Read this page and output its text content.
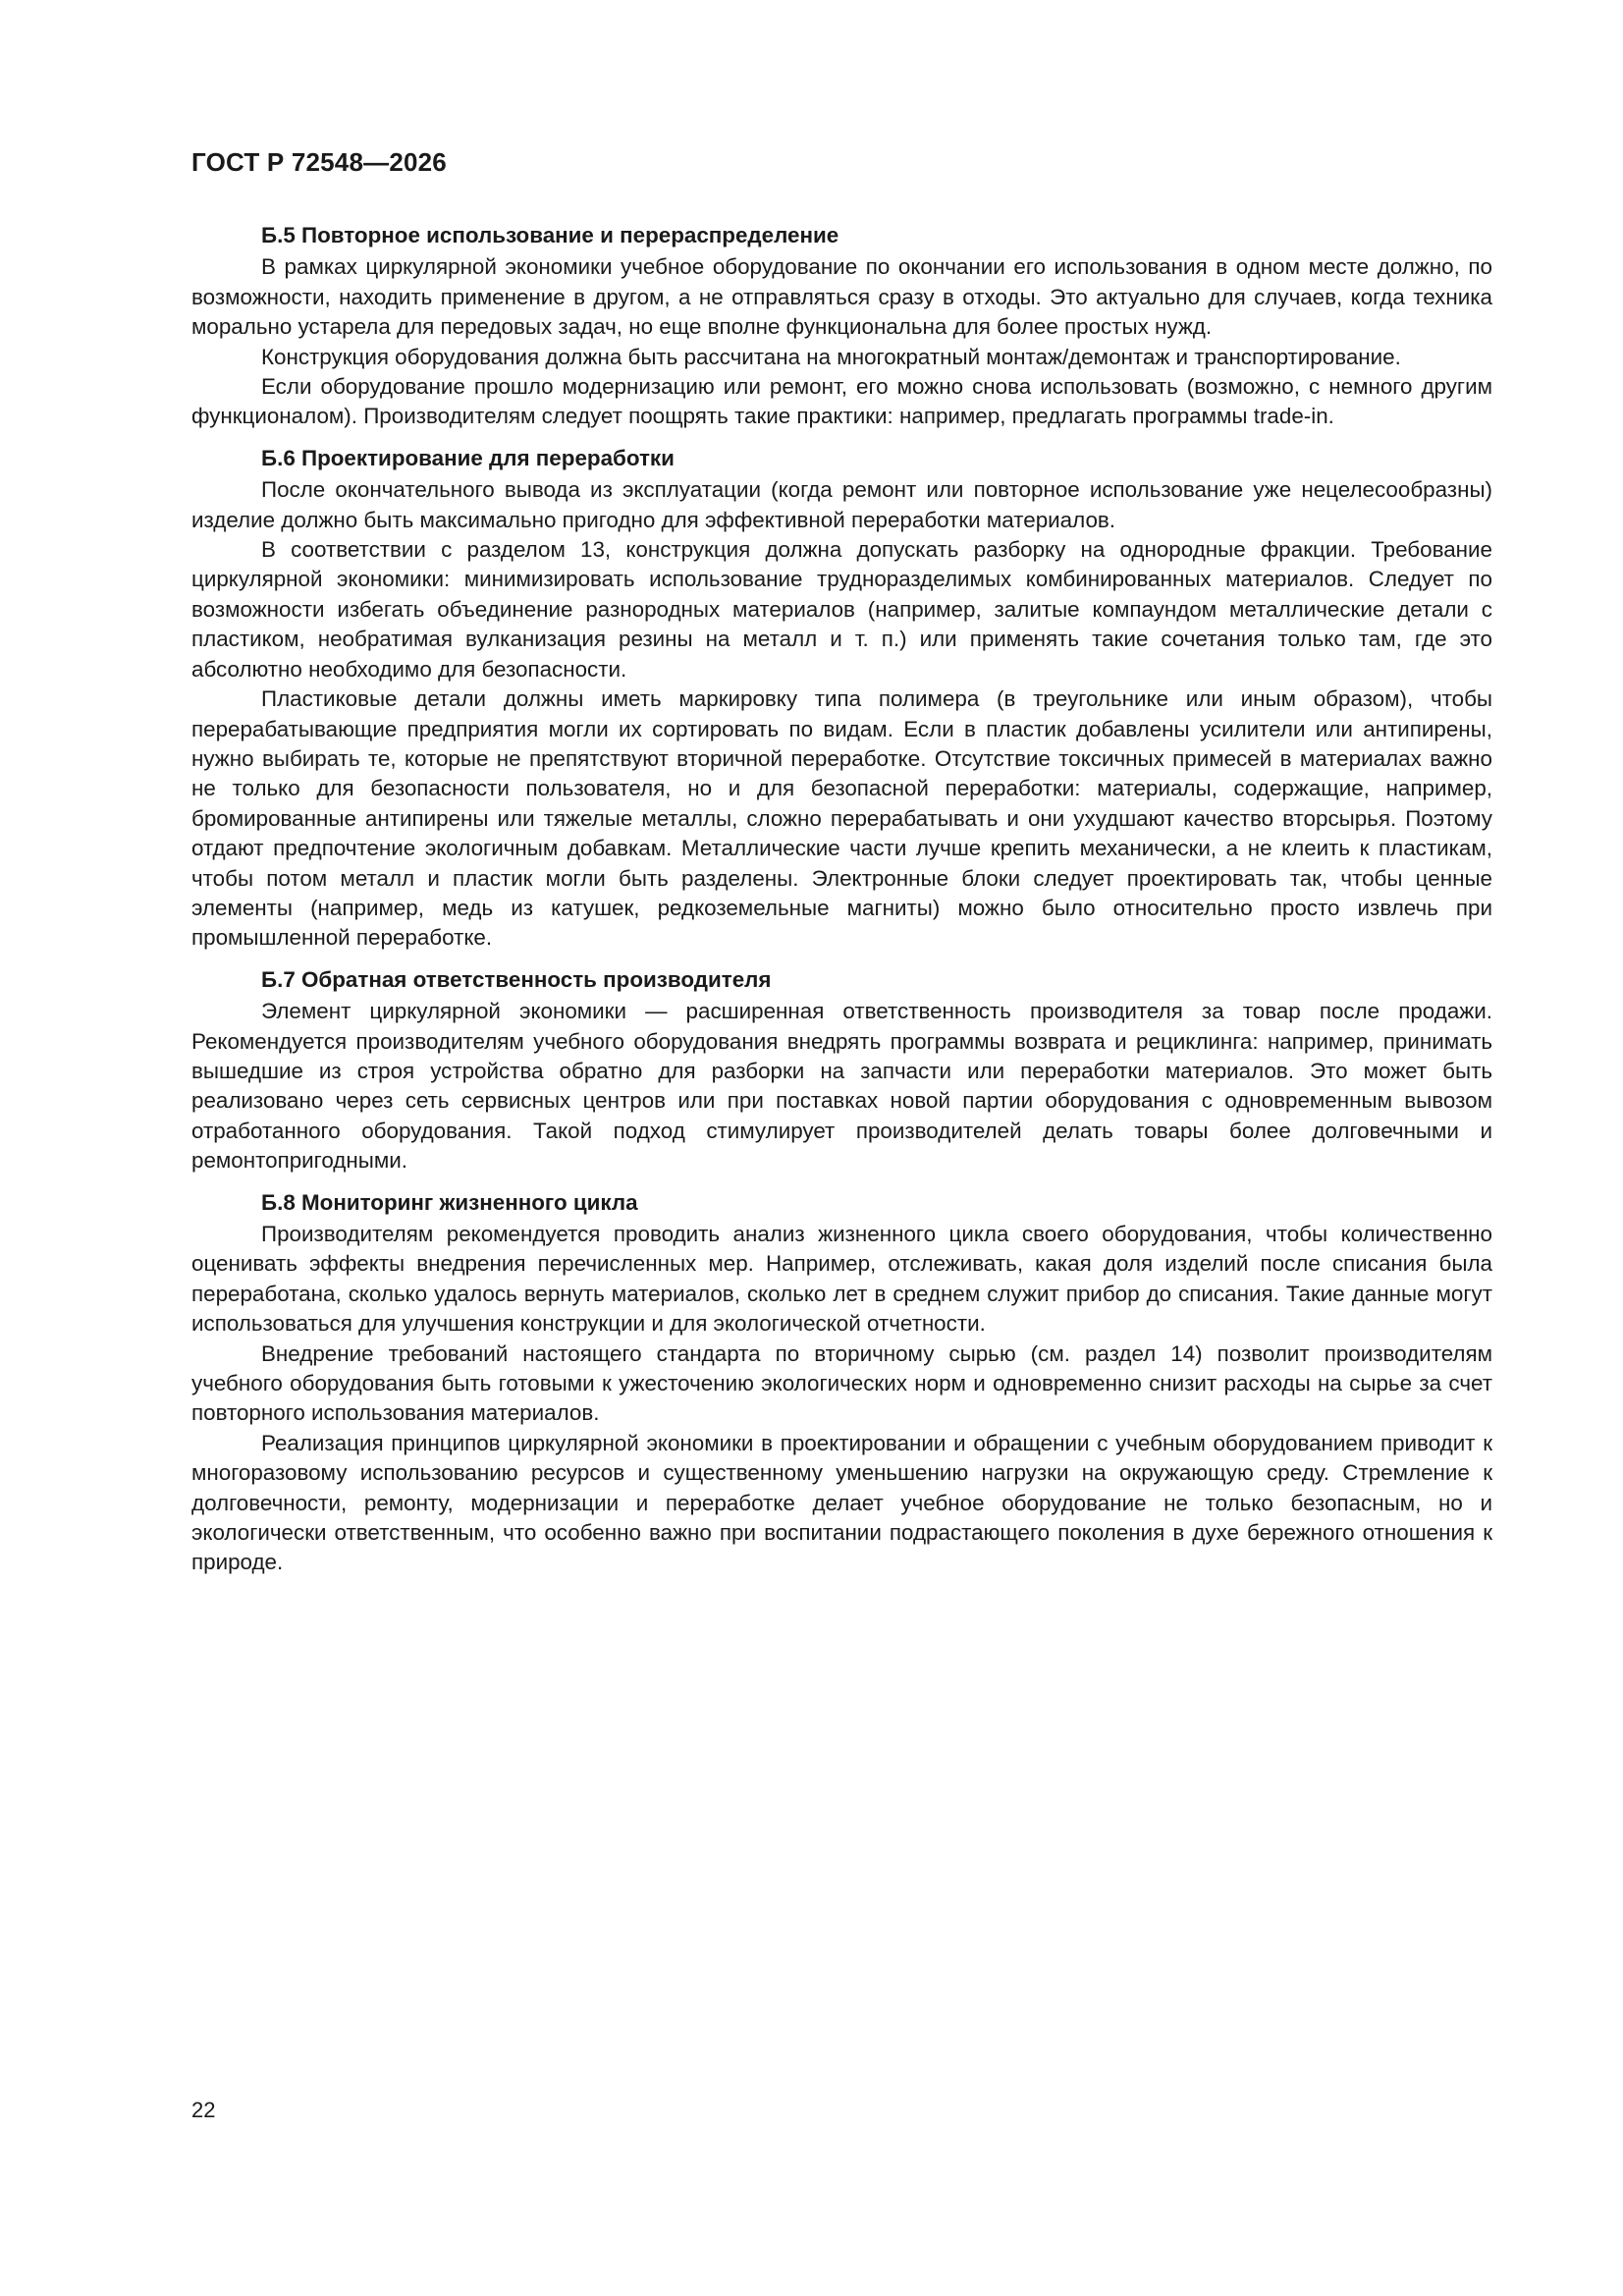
ГОСТ Р 72548—2026
Б.5 Повторное использование и перераспределение

В рамках циркулярной экономики учебное оборудование по окончании его использования в одном месте должно, по возможности, находить применение в другом, а не отправляться сразу в отходы. Это актуально для случаев, когда техника морально устарела для передовых задач, но еще вполне функциональна для более простых нужд.

Конструкция оборудования должна быть рассчитана на многократный монтаж/демонтаж и транспортирование.

Если оборудование прошло модернизацию или ремонт, его можно снова использовать (возможно, с немного другим функционалом). Производителям следует поощрять такие практики: например, предлагать программы trade-in.

Б.6 Проектирование для переработки

После окончательного вывода из эксплуатации (когда ремонт или повторное использование уже нецелесообразны) изделие должно быть максимально пригодно для эффективной переработки материалов.

В соответствии с разделом 13, конструкция должна допускать разборку на однородные фракции. Требование циркулярной экономики: минимизировать использование трудноразделимых комбинированных материалов. Следует по возможности избегать объединение разнородных материалов (например, залитые компаундом металлические детали с пластиком, необратимая вулканизация резины на металл и т. п.) или применять такие сочетания только там, где это абсолютно необходимо для безопасности.

Пластиковые детали должны иметь маркировку типа полимера (в треугольнике или иным образом), чтобы перерабатывающие предприятия могли их сортировать по видам. Если в пластик добавлены усилители или антипирены, нужно выбирать те, которые не препятствуют вторичной переработке. Отсутствие токсичных примесей в материалах важно не только для безопасности пользователя, но и для безопасной переработки: материалы, содержащие, например, бромированные антипирены или тяжелые металлы, сложно перерабатывать и они ухудшают качество вторсырья. Поэтому отдают предпочтение экологичным добавкам. Металлические части лучше крепить механически, а не клеить к пластикам, чтобы потом металл и пластик могли быть разделены. Электронные блоки следует проектировать так, чтобы ценные элементы (например, медь из катушек, редкоземельные магниты) можно было относительно просто извлечь при промышленной переработке.

Б.7 Обратная ответственность производителя

Элемент циркулярной экономики — расширенная ответственность производителя за товар после продажи. Рекомендуется производителям учебного оборудования внедрять программы возврата и рециклинга: например, принимать вышедшие из строя устройства обратно для разборки на запчасти или переработки материалов. Это может быть реализовано через сеть сервисных центров или при поставках новой партии оборудования с одновременным вывозом отработанного оборудования. Такой подход стимулирует производителей делать товары более долговечными и ремонтопригодными.

Б.8 Мониторинг жизненного цикла

Производителям рекомендуется проводить анализ жизненного цикла своего оборудования, чтобы количественно оценивать эффекты внедрения перечисленных мер. Например, отслеживать, какая доля изделий после списания была переработана, сколько удалось вернуть материалов, сколько лет в среднем служит прибор до списания. Такие данные могут использоваться для улучшения конструкции и для экологической отчетности.

Внедрение требований настоящего стандарта по вторичному сырью (см. раздел 14) позволит производителям учебного оборудования быть готовыми к ужесточению экологических норм и одновременно снизит расходы на сырье за счет повторного использования материалов.

Реализация принципов циркулярной экономики в проектировании и обращении с учебным оборудованием приводит к многоразовому использованию ресурсов и существенному уменьшению нагрузки на окружающую среду. Стремление к долговечности, ремонту, модернизации и переработке делает учебное оборудование не только безопасным, но и экологически ответственным, что особенно важно при воспитании подрастающего поколения в духе бережного отношения к природе.

22
